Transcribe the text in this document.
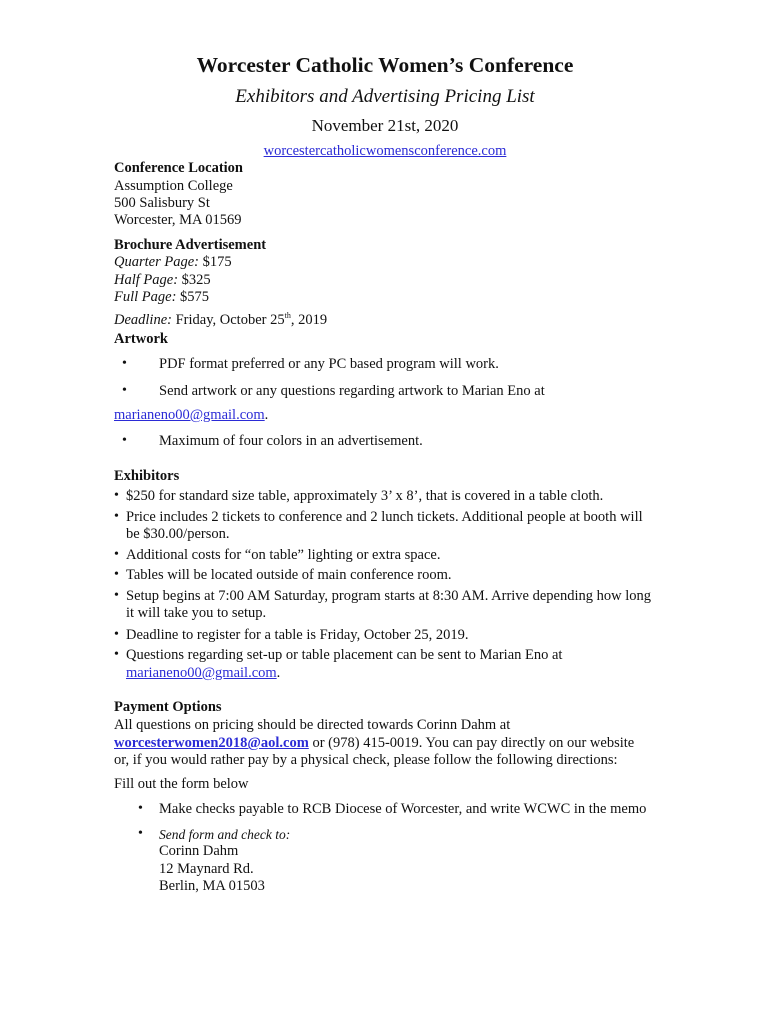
Worcester Catholic Women’s Conference
Exhibitors and Advertising Pricing List
November 21st, 2020
worcestercatholicwomensconference.com
Conference Location
Assumption College
500 Salisbury St
Worcester, MA 01569
Brochure Advertisement
Quarter Page: $175
Half Page: $325
Full Page: $575
Deadline: Friday, October 25th, 2019
Artwork
• PDF format preferred or any PC based program will work.
• Send artwork or any questions regarding artwork to Marian Eno at
marianeno00@gmail.com.
• Maximum of four colors in an advertisement.
Exhibitors
• $250 for standard size table, approximately 3’ x 8’, that is covered in a table cloth.
• Price includes 2 tickets to conference and 2 lunch tickets. Additional people at booth will
be $30.00/person.
• Additional costs for “on table” lighting or extra space.
• Tables will be located outside of main conference room.
• Setup begins at 7:00 AM Saturday, program starts at 8:30 AM. Arrive depending how long
it will take you to setup.
• Deadline to register for a table is Friday, October 25, 2019.
• Questions regarding set-up or table placement can be sent to Marian Eno at
marianeno00@gmail.com.
Payment Options
All questions on pricing should be directed towards Corinn Dahm at
worcesterwomen2018@aol.com or (978) 415-0019. You can pay directly on our website
or, if you would rather pay by a physical check, please follow the following directions:
Fill out the form below
• Make checks payable to RCB Diocese of Worcester, and write WCWC in the memo
• Send form and check to:
Corinn Dahm
12 Maynard Rd.
Berlin, MA 01503
